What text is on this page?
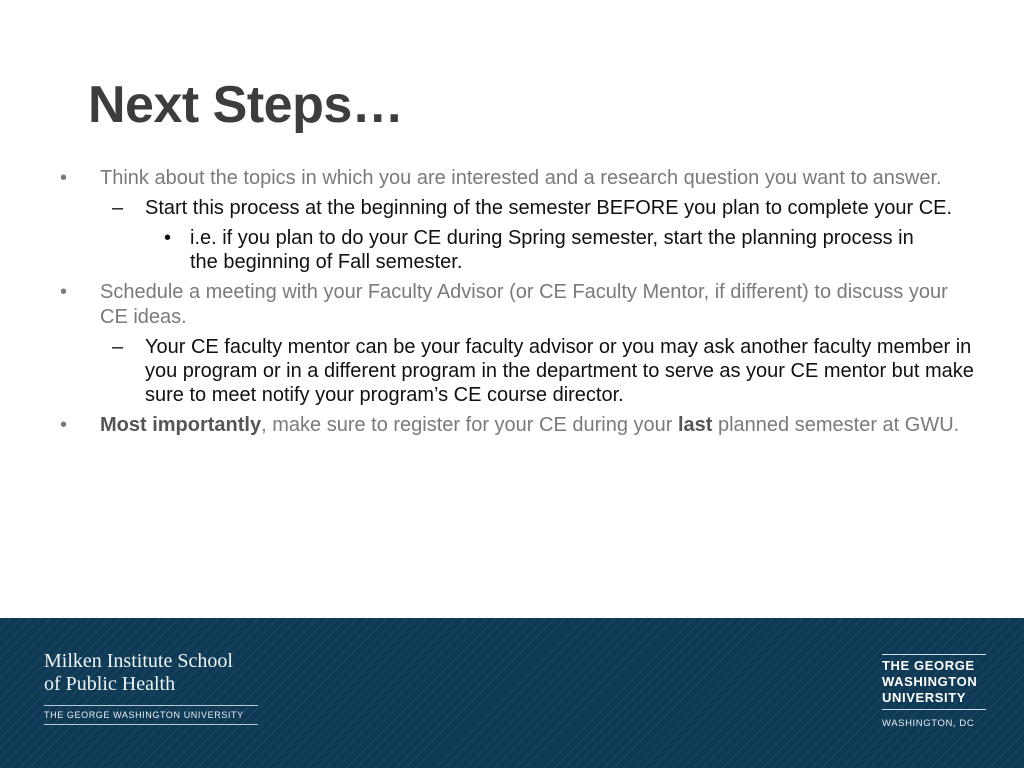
Next Steps…
• Think about the topics in which you are interested and a research question you want to answer.
– Start this process at the beginning of the semester BEFORE you plan to complete your CE.
• i.e. if you plan to do your CE during Spring semester, start the planning process in the beginning of Fall semester.
• Schedule a meeting with your Faculty Advisor (or CE Faculty Mentor, if different) to discuss your CE ideas.
– Your CE faculty mentor can be your faculty advisor or you may ask another faculty member in you program or in a different program in the department to serve as your CE mentor but make sure to meet notify your program’s CE course director.
• Most importantly, make sure to register for your CE during your last planned semester at GWU.
Milken Institute School
of Public Health
THE GEORGE WASHINGTON UNIVERSITY
THE GEORGE
WASHINGTON
UNIVERSITY
WASHINGTON, DC
